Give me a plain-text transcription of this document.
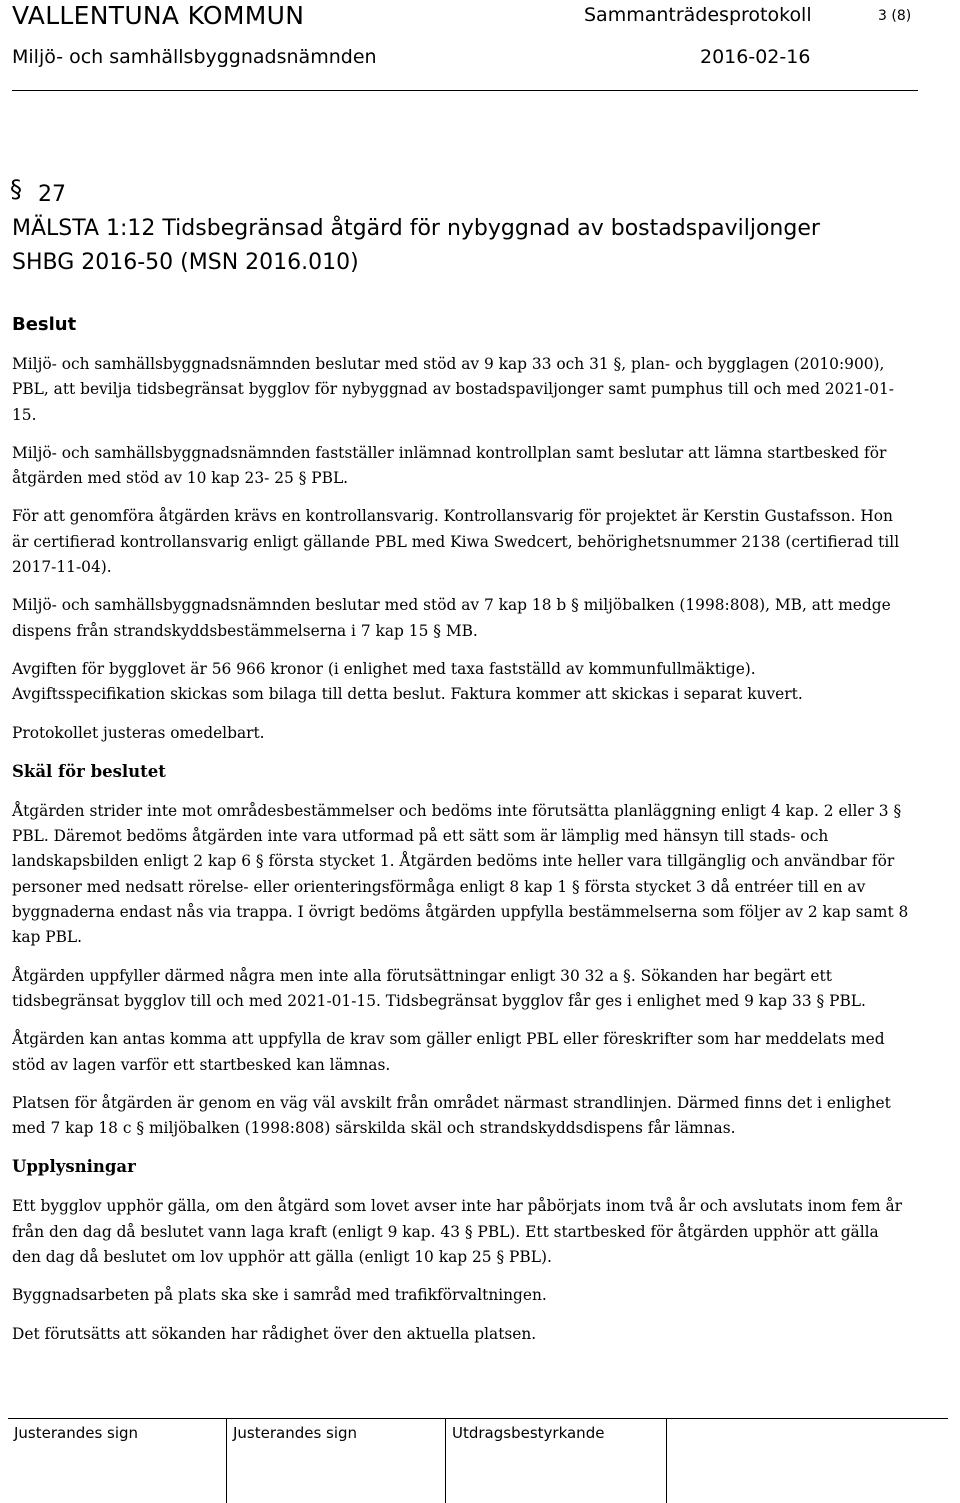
VALLENTUNA KOMMUN	Sammanträdesprotokoll	3 (8)
Miljö- och samhällsbyggnadsnämnden	2016-02-16
§ 27
MÄLSTA 1:12 Tidsbegränsad åtgärd för nybyggnad av bostadspaviljonger
SHBG 2016-50 (MSN 2016.010)
Beslut

Miljö- och samhällsbyggnadsnämnden beslutar med stöd av 9 kap 33 och 31 §, plan- och bygglagen (2010:900), PBL, att bevilja tidsbegränsat bygglov för nybyggnad av bostadspaviljonger samt pumphus till och med 2021-01-15.

Miljö- och samhällsbyggnadsnämnden fastställer inlämnad kontrollplan samt beslutar att lämna startbesked för åtgärden med stöd av 10 kap 23- 25 § PBL.

För att genomföra åtgärden krävs en kontrollansvarig. Kontrollansvarig för projektet är Kerstin Gustafsson. Hon är certifierad kontrollansvarig enligt gällande PBL med Kiwa Swedcert, behörighetsnummer 2138 (certifierad till 2017-11-04).

Miljö- och samhällsbyggnadsnämnden beslutar med stöd av 7 kap 18 b § miljöbalken (1998:808), MB, att medge dispens från strandskyddsbestämmelserna i 7 kap 15 § MB.

Avgiften för bygglovet är 56 966 kronor (i enlighet med taxa fastställd av kommunfullmäktige). Avgiftsspecifikation skickas som bilaga till detta beslut. Faktura kommer att skickas i separat kuvert.

Protokollet justeras omedelbart.

Skäl för beslutet

Åtgärden strider inte mot områdesbestämmelser och bedöms inte förutsätta planläggning enligt 4 kap. 2 eller 3 § PBL. Däremot bedöms åtgärden inte vara utformad på ett sätt som är lämplig med hänsyn till stads- och landskapsbilden enligt 2 kap 6 § första stycket 1. Åtgärden bedöms inte heller vara tillgänglig och användbar för personer med nedsatt rörelse- eller orienteringsförmåga enligt 8 kap 1 § första stycket 3 då entréer till en av byggnaderna endast nås via trappa. I övrigt bedöms åtgärden uppfylla bestämmelserna som följer av 2 kap samt 8 kap PBL.

Åtgärden uppfyller därmed några men inte alla förutsättningar enligt 30 32 a §. Sökanden har begärt ett tidsbegränsat bygglov till och med 2021-01-15. Tidsbegränsat bygglov får ges i enlighet med 9 kap 33 § PBL.

Åtgärden kan antas komma att uppfylla de krav som gäller enligt PBL eller föreskrifter som har meddelats med stöd av lagen varför ett startbesked kan lämnas.

Platsen för åtgärden är genom en väg väl avskilt från området närmast strandlinjen. Därmed finns det i enlighet med 7 kap 18 c § miljöbalken (1998:808) särskilda skäl och strandskyddsdispens får lämnas.

Upplysningar

Ett bygglov upphör gälla, om den åtgärd som lovet avser inte har påbörjats inom två år och avslutats inom fem år från den dag då beslutet vann laga kraft (enligt 9 kap. 43 § PBL). Ett startbesked för åtgärden upphör att gälla den dag då beslutet om lov upphör att gälla (enligt 10 kap 25 § PBL).

Byggnadsarbeten på plats ska ske i samråd med trafikförvaltningen.

Det förutsätts att sökanden har rådighet över den aktuella platsen.

Justerandes sign	Justerandes sign	Utdragsbestyrkande
